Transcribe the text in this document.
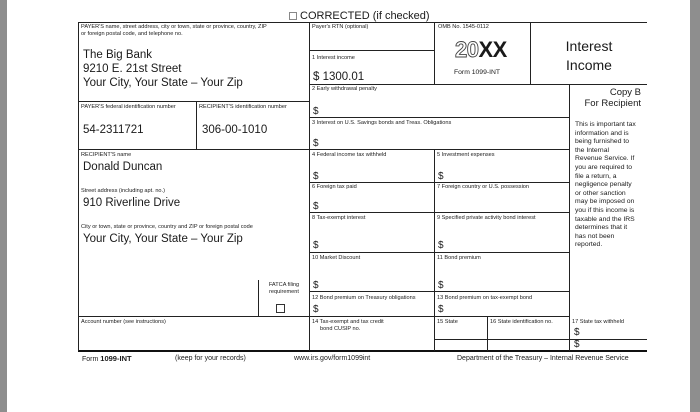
CORRECTED (if checked)
PAYER'S name, street address, city or town, state or province, country, ZIP
or foreign postal code, and telephone no.
The Big Bank
9210 E. 21st Street
Your City, Your State – Your Zip
PAYER'S federal identification number
54-2311721
RECIPIENT'S identification number
306-00-1010
RECIPIENT'S name
Donald Duncan
Street address (including apt. no.)
910 Riverline Drive
City or town, state or province, country and ZIP or foreign postal code
Your City, Your State – Your Zip
FATCA filing
requirement
Account number (see instructions)
Payer's RTN (optional)
1 Interest income
$ 1300.01
2 Early withdrawal penalty
$
3 Interest on U.S. Savings bonds and Treas. Obligations
$
4 Federal income tax withheld
$
6 Foreign tax paid
$
8 Tax-exempt interest
$
10 Market Discount
$
12 Bond premium on Treasury obligations
$
14 Tax-exempt and tax credit
bond CUSIP no.
OMB No. 1545-0112
20XX
Form 1099-INT
5 Investment expenses
$
7 Foreign country or U.S. possession
9 Specified private activity bond interest
$
11 Bond premium
$
13 Bond premium on tax-exempt bond
$
15 State	16 State identification no.
Interest
Income
Copy B
For Recipient
This is important tax
information and is
being furnished to
the Internal
Revenue Service. If
you are required to
file a return, a
negligence penalty
or other sanction
may be imposed on
you if this income is
taxable and the IRS
determines that it
has not been
reported.
17 State tax withheld
$
$
Form 1099-INT	(keep for your records)	www.irs.gov/form1099int	Department of the Treasury – Internal Revenue Service
